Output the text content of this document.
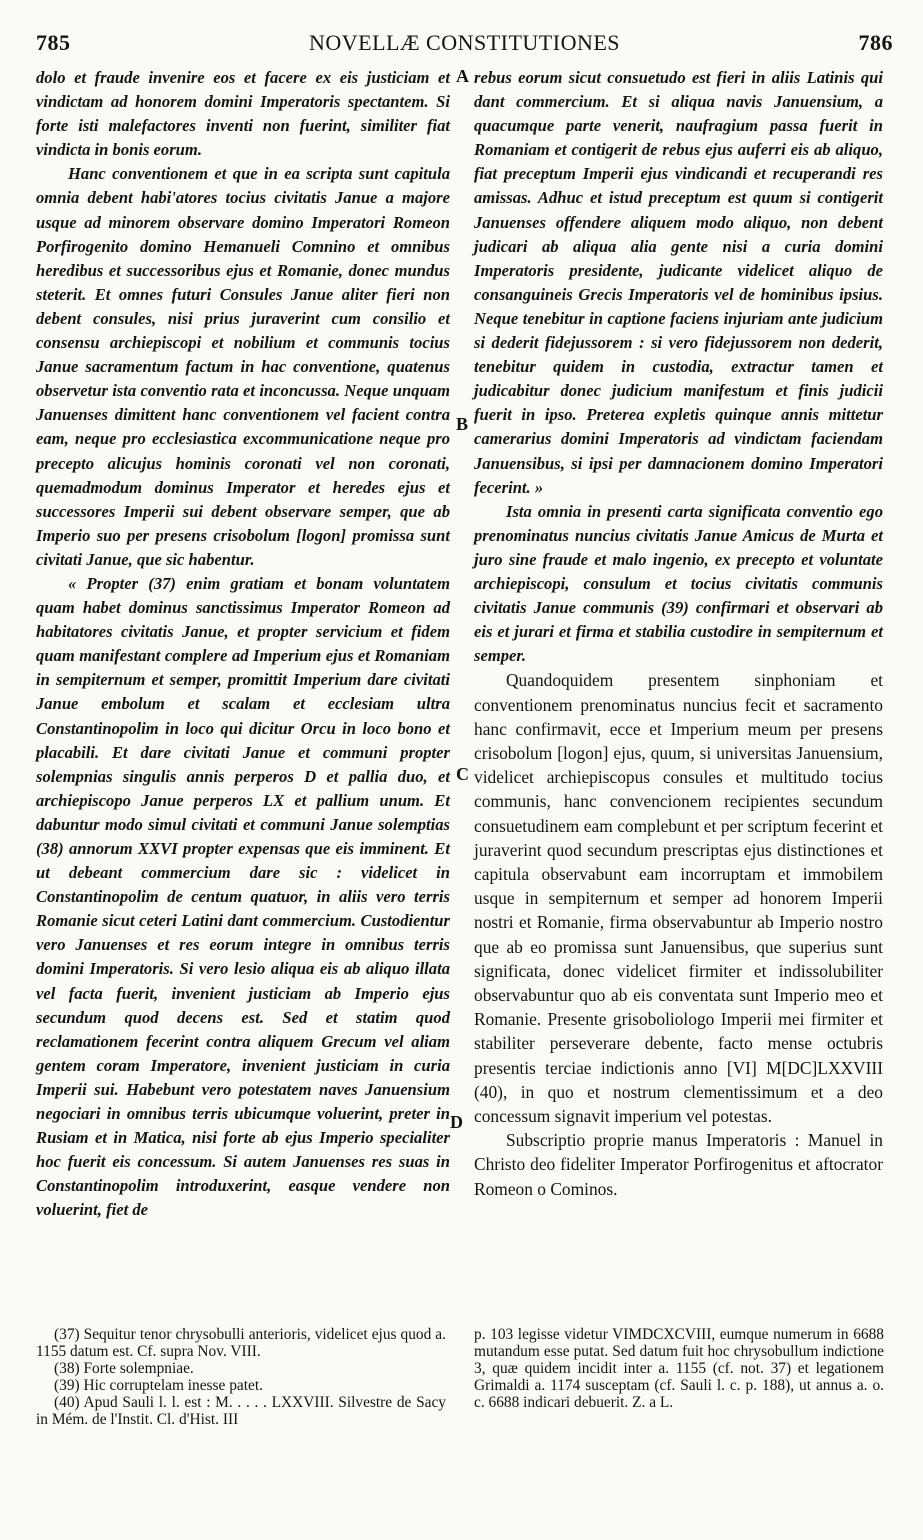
785	NOVELLÆ CONSTITUTIONES	786

dolo et fraude invenire eos et facere ex eis justiciam et vindictam ad honorem domini Imperatoris spectantem. Si forte isti malefactores inventi non fuerint, similiter fiat vindicta in bonis eorum.

Hanc conventionem et que in ea scripta sunt capitula omnia debent habi'atores tocius civitatis Janue a majore usque ad minorem observare domino Imperatori Romeon Porfirogenito domino Hemanueli Comnino et omnibus heredibus et successoribus ejus et Romanie, donec mundus steterit. Et omnes futuri Consules Janue aliter fieri non debent consules, nisi prius juraverint cum consilio et consensu archiepiscopi et nobilium et communis tocius Janue sacramentum factum in hac conventione, quatenus observetur ista conventio rata et inconcussa. Neque unquam Januenses dimittent hanc conventionem vel facient contra eam, neque pro ecclesiastica excommunicatione neque pro precepto alicujus hominis coronati vel non coronati, quemadmodum dominus Imperator et heredes ejus et successores Imperii sui debent observare semper, que ab Imperio suo per presens crisobolum [logon] promissa sunt civitati Janue, que sic habentur.

« Propter (37) enim gratiam et bonam voluntatem quam habet dominus sanctissimus Imperator Romeon ad habitatores civitatis Janue, et propter servicium et fidem quam manifestant complere ad Imperium ejus et Romaniam in sempiternum et semper, promittit Imperium dare civitati Janue embolum et scalam et ecclesiam ultra Constantinopolim in loco qui dicitur Orcu in loco bono et placabili. Et dare civitati Janue et communi propter solempnias singulis annis perperos D et pallia duo, et archiepiscopo Janue perperos LX et pallium unum. Et dabuntur modo simul civitati et communi Janue solemptias (38) annorum XXVI propter expensas que eis imminent. Et ut debeant commercium dare sic : videlicet in Constantinopolim de centum quatuor, in aliis vero terris Romanie sicut ceteri Latini dant commercium. Custodientur vero Januenses et res eorum integre in omnibus terris domini Imperatoris. Si vero lesio aliqua eis ab aliquo illata vel facta fuerit, invenient justiciam ab Imperio ejus secundum quod decens est. Sed et statim quod reclamationem fecerint contra aliquem Grecum vel aliam gentem coram Imperatore, invenient justiciam in curia Imperii sui. Habebunt vero potestatem naves Januensium negociari in omnibus terris ubicumque voluerint, preter in Rusiam et in Matica, nisi forte ab ejus Imperio specialiter hoc fuerit eis concessum. Si autem Januenses res suas in Constantinopolim introduxerint, easque vendere non voluerint, fiet de

A
B
C
D

rebus eorum sicut consuetudo est fieri in aliis Latinis qui dant commercium. Et si aliqua navis Januensium, a quacumque parte venerit, naufragium passa fuerit in Romaniam et contigerit de rebus ejus auferri eis ab aliquo, fiat preceptum Imperii ejus vindicandi et recuperandi res amissas. Adhuc et istud preceptum est quum si contigerit Januenses offendere aliquem modo aliquo, non debent judicari ab aliqua alia gente nisi a curia domini Imperatoris presidente, judicante videlicet aliquo de consanguineis Grecis Imperatoris vel de hominibus ipsius. Neque tenebitur in captione faciens injuriam ante judicium si dederit fidejussorem : si vero fidejussorem non dederit, tenebitur quidem in custodia, extractur tamen et judicabitur donec judicium manifestum et finis judicii fuerit in ipso. Preterea expletis quinque annis mittetur camerarius domini Imperatoris ad vindictam faciendam Januensibus, si ipsi per damnacionem domino Imperatori fecerint. »

Ista omnia in presenti carta significata conventio ego prenominatus nuncius civitatis Janue Amicus de Murta et juro sine fraude et malo ingenio, ex precepto et voluntate archiepiscopi, consulum et tocius civitatis communis civitatis Janue communis (39) confirmari et observari ab eis et jurari et firma et stabilia custodire in sempiternum et semper.

Quandoquidem presentem sinphoniam et conventionem prenominatus nuncius fecit et sacramento hanc confirmavit, ecce et Imperium meum per presens crisobolum [logon] ejus, quum, si universitas Januensium, videlicet archiepiscopus consules et multitudo tocius communis, hanc convencionem recipientes secundum consuetudinem eam complebunt et per scriptum fecerint et juraverint quod secundum prescriptas ejus distinctiones et capitula observabunt eam incorruptam et immobilem usque in sempiternum et semper ad honorem Imperii nostri et Romanie, firma observabuntur ab Imperio nostro que ab eo promissa sunt Januensibus, que superius sunt significata, donec videlicet firmiter et indissolubiliter observabuntur quo ab eis conventata sunt Imperio meo et Romanie. Presente grisoboliologo Imperii mei firmiter et stabiliter perseverare debente, facto mense octubris presentis terciae indictionis anno [VI] M[DC]LXXVIII (40), in quo et nostrum clementissimum et a deo concessum signavit imperium vel potestas.

Subscriptio proprie manus Imperatoris : Manuel in Christo deo fideliter Imperator Porfirogenitus et aftocrator Romeon o Cominos.

(37) Sequitur tenor chrysobulli anterioris, videlicet ejus quod a. 1155 datum est. Cf. supra Nov. VIII.

(38) Forte solempniae.

(39) Hic corruptelam inesse patet.

(40) Apud Sauli l. l. est : M. . . . . LXXVIII. Silvestre de Sacy in Mém. de l'Instit. Cl. d'Hist. III

p. 103 legisse videtur VIMDCXCVIII, eumque numerum in 6688 mutandum esse putat. Sed datum fuit hoc chrysobullum indictione 3, quæ quidem incidit inter a. 1155 (cf. not. 37) et legationem Grimaldi a. 1174 susceptam (cf. Sauli l. c. p. 188), ut annus a. o. c. 6688 indicari debuerit. Z. a L.
